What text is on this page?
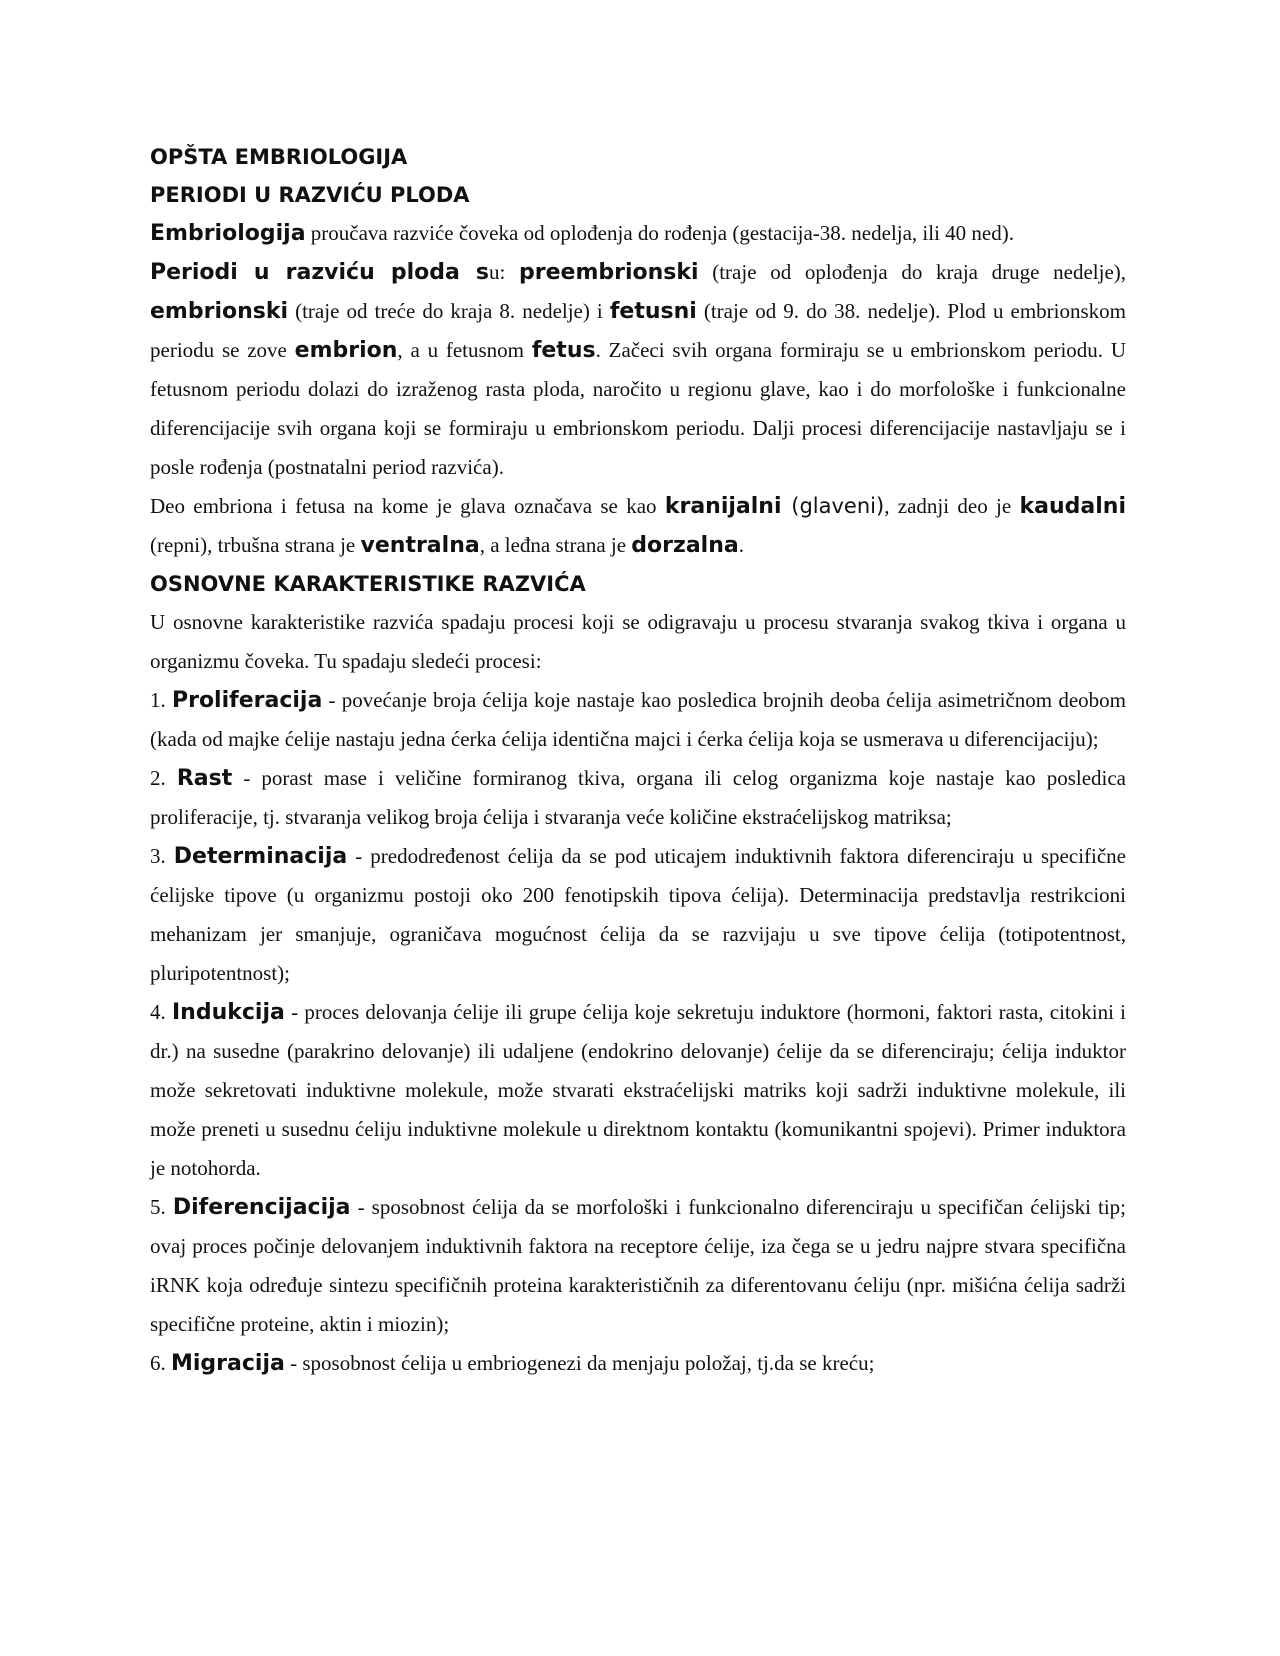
OPŠTA EMBRIOLOGIJA
PERIODI U RAZVIĆU PLODA

Embriologija proučava razviće čoveka od oplođenja do rođenja (gestacija-38. nedelja, ili 40 ned).

Periodi u razviću ploda su: preembrionski (traje od oplođenja do kraja druge nedelje), embrionski (traje od treće do kraja 8. nedelje) i fetusni (traje od 9. do 38. nedelje). Plod u embrionskom periodu se zove embrion, a u fetusnom fetus. Začeci svih organa formiraju se u embrionskom periodu. U fetusnom periodu dolazi do izraženog rasta ploda, naročito u regionu glave, kao i do morfološke i funkcionalne diferencijacije svih organa koji se formiraju u embrionskom periodu. Dalji procesi diferencijacije nastavljaju se i posle rođenja (postnatalni period razvića).

Deo embriona i fetusa na kome je glava označava se kao kranijalni (glaveni), zadnji deo je kaudalni (repni), trbušna strana je ventralna, a leđna strana je dorzalna.

OSNOVNE KARAKTERISTIKE RAZVIĆA

U osnovne karakteristike razvića spadaju procesi koji se odigravaju u procesu stvaranja svakog tkiva i organa u organizmu čoveka. Tu spadaju sledeći procesi:

1. Proliferacija - povećanje broja ćelija koje nastaje kao posledica brojnih deoba ćelija asimetričnom deobom (kada od majke ćelije nastaju jedna ćerka ćelija identična majci i ćerka ćelija koja se usmerava u diferencijaciju);

2. Rast - porast mase i veličine formiranog tkiva, organa ili celog organizma koje nastaje kao posledica proliferacije, tj. stvaranja velikog broja ćelija i stvaranja veće količine ekstraćelijskog matriksa;

3. Determinacija - predodređenost ćelija da se pod uticajem induktivnih faktora diferenciraju u specifične ćelijske tipove (u organizmu postoji oko 200 fenotipskih tipova ćelija). Determinacija predstavlja restrikcioni mehanizam jer smanjuje, ograničava mogućnost ćelija da se razvijaju u sve tipove ćelija (totipotentnost, pluripotentnost);

4. Indukcija - proces delovanja ćelije ili grupe ćelija koje sekretuju induktore (hormoni, faktori rasta, citokini i dr.) na susedne (parakrino delovanje) ili udaljene (endokrino delovanje) ćelije da se diferenciraju; ćelija induktor može sekretovati induktivne molekule, može stvarati ekstraćelijski matriks koji sadrži induktivne molekule, ili može preneti u susednu ćeliju induktivne molekule u direktnom kontaktu (komunikantni spojevi). Primer induktora je notohorda.

5. Diferencijacija - sposobnost ćelija da se morfološki i funkcionalno diferenciraju u specifičan ćelijski tip; ovaj proces počinje delovanjem induktivnih faktora na receptore ćelije, iza čega se u jedru najpre stvara specifična iRNK koja određuje sintezu specifičnih proteina karakterističnih za diferentovanu ćeliju (npr. mišićna ćelija sadrži specifične proteine, aktin i miozin);

6. Migracija - sposobnost ćelija u embriogenezi da menjaju položaj, tj.da se kreću;
